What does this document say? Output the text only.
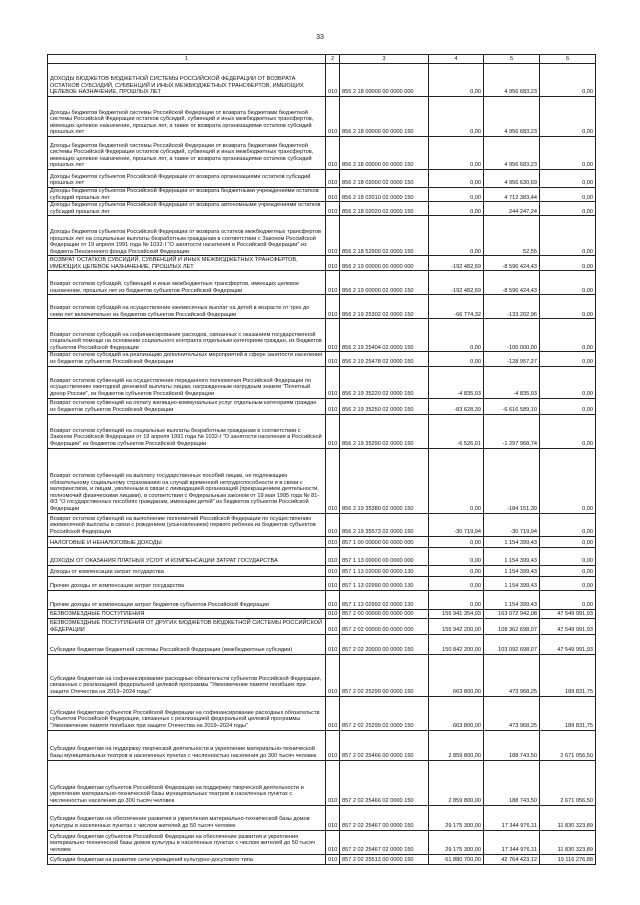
33
1	2	3	4	5	6
ДОХОДЫ БЮДЖЕТОВ БЮДЖЕТНОЙ СИСТЕМЫ РОССИЙСКОЙ ФЕДЕРАЦИИ ОТ ВОЗВРАТА ОСТАТКОВ СУБСИДИЙ, СУБВЕНЦИЙ И ИНЫХ МЕЖБЮДЖЕТНЫХ ТРАНСФЕРТОВ, ИМЕЮЩИХ ЦЕЛЕВОЕ НАЗНАЧЕНИЕ, ПРОШЛЫХ ЛЕТ	010	855 2 18 00000 00 0000 000	0,00	4 956 683,23	0,00
Доходы бюджетов бюджетной системы Российской Федерации от возврата бюджетами бюджетной системы Российской Федерации остатков субсидий, субвенций и иных межбюджетных трансфертов, имеющих целевое назначение, прошлых лет, а также от возврата организациями остатков субсидий прошлых лет	010	856 2 18 00000 00 0000 150	0,00	4 956 683,23	0,00
Доходы бюджетов бюджетной системы Российской Федерации от возврата бюджетами бюджетной системы Российской Федерации остатков субсидий, субвенций и иных межбюджетных трансфертов, имеющих целевое назначение, прошлых лет, а также от возврата организациями остатков субсидий прошлых лет	010	856 2 18 00000 00 0000 150	0,00	4 956 683,23	0,00
Доходы бюджетов субъектов Российской Федерации от возврата организациями остатков субсидий прошлых лет	010	856 2 18 02000 02 0000 150	0,00	4 956 630,69	0,00
Доходы бюджетов субъектов Российской Федерации от возврата бюджетными учреждениями остатков субсидий прошлых лет	010	856 2 18 02010 02 0000 150	0,00	4 712 383,44	0,00
Доходы бюджетов субъектов Российской Федерации от возврата автономными учреждениями остатков субсидий прошлых лет	010	856 2 18 02020 02 0000 150	0,00	244 247,24	0,00
Доходы бюджетов субъектов Российской Федерации от возврата остатков межбюджетных трансфертов прошлых лет на социальные выплаты безработным гражданам в соответствии с Законом Российской Федерации от 19 апреля 1991 года № 1032-I "О занятости населения в Российской Федерации" из бюджета Пенсионного фонда Российской Федерации	010	856 2 18 52900 02 0000 150	0,00	52,55	0,00
ВОЗВРАТ ОСТАТКОВ СУБСИДИЙ, СУБВЕНЦИЙ И ИНЫХ МЕЖБЮДЖЕТНЫХ ТРАНСФЕРТОВ, ИМЕЮЩИХ ЦЕЛЕВОЕ НАЗНАЧЕНИЕ, ПРОШЛЫХ ЛЕТ	010	856 2 19 00000 00 0000 000	-192 482,69	-8 596 424,43	0,00
Возврат остатков субсидий, субвенций и иных межбюджетных трансфертов, имеющих целевое назначение, прошлых лет из бюджетов субъектов Российской Федерации	010	856 2 19 00000 02 0000 150	-192 482,69	-8 596 424,43	0,00
Возврат остатков субсидий на осуществление ежемесячных выплат на детей в возрасте от трех до семи лет включительно из бюджетов субъектов Российской Федерации	010	856 2 19 25302 02 0000 150	-66 774,32	-133 202,96	0,00
Возврат остатков субсидий на софинансирование расходов, связанных с оказанием государственной социальной помощи на основании социального контракта отдельным категориям граждан, из бюджетов субъектов Российской Федерации	010	856 2 19 25404 02 0000 150	0,00	-100 000,00	0,00
Возврат остатков субсидий на реализацию дополнительных мероприятий в сфере занятости населения из бюджетов субъектов Российской Федерации	010	856 2 19 25478 02 0000 150	0,00	-128 957,27	0,00
Возврат остатков субвенций на осуществление переданного полномочия Российской Федерации по осуществлению ежегодной денежной выплаты лицам, награжденным нагрудным знаком "Почетный донор России", из бюджетов субъектов Российской Федерации	010	856 2 19 35220 02 0000 150	-4 835,03	-4 835,03	0,00
Возврат остатков субвенций на оплату жилищно-коммунальных услуг отдельным категориям граждан из бюджетов субъектов Российской Федерации	010	856 2 19 35250 02 0000 150	-83 628,39	-6 616 589,10	0,00
Возврат остатков субвенций на социальные выплаты безработным гражданам в соответствии с Законом Российской Федерации от 19 апреля 1991 года № 1032-I "О занятости населения в Российской Федерации" из бюджетов субъектов Российской Федерации	010	856 2 19 35290 02 0000 150	-6 526,01	-1 297 968,74	0,00
Возврат остатков субвенций на выплату государственных пособий лицам, не подлежащим обязательному социальному страхованию на случай временной нетрудоспособности и в связи с материнством, и лицам, уволенным в связи с ликвидацией организаций (прекращением деятельности, полномочий физическими лицами), в соответствии с Федеральным законом от 19 мая 1995 года № 81-ФЗ "О государственных пособиях гражданам, имеющим детей" из бюджетов субъектов Российской Федерации	010	856 2 19 35380 02 0000 150	0,00	-184 151,39	0,00
Возврат остатков субвенций на выполнение полномочий Российской Федерации по осуществлению ежемесячной выплаты в связи с рождением (усыновлением) первого ребенка из бюджетов субъектов Российской Федерации	010	856 2 19 35573 02 0000 150	-30 719,94	-30 719,94	0,00
НАЛОГОВЫЕ И НЕНАЛОГОВЫЕ ДОХОДЫ	010	857 1 00 00000 00 0000 000	0,00	1 154 399,43	0,00
ДОХОДЫ ОТ ОКАЗАНИЯ ПЛАТНЫХ УСЛУГ И КОМПЕНСАЦИИ ЗАТРАТ ГОСУДАРСТВА	010	857 1 13 00000 00 0000 000	0,00	1 154 399,43	0,00
Доходы от компенсации затрат государства	010	857 1 13 02000 00 0000 130	0,00	1 154 399,43	0,00
Прочие доходы от компенсации затрат государства	010	857 1 13 02990 00 0000 130	0,00	1 154 399,43	0,00
Прочие доходы от компенсации затрат бюджетов субъектов Российской Федерации	010	857 1 13 02992 02 0000 130	0,00	1 154 399,43	0,00
БЕЗВОЗМЕЗДНЫЕ ПОСТУПЛЕНИЯ	010	857 2 00 00000 00 0000 000	155 941 354,93	163 072 942,08	47 549 991,93
БЕЗВОЗМЕЗДНЫЕ ПОСТУПЛЕНИЯ ОТ ДРУГИХ БЮДЖЕТОВ БЮДЖЕТНОЙ СИСТЕМЫ РОССИЙСКОЙ ФЕДЕРАЦИИ	010	857 2 02 00000 00 0000 000	155 942 200,00	108 362 698,07	47 549 991,93
Субсидии бюджетам бюджетной системы Российской Федерации (межбюджетные субсидии)	010	857 2 02 20000 00 0000 150	150 842 200,00	103 092 698,07	47 549 991,93
Субсидии бюджетам на софинансирование расходных обязательств субъектов Российской Федерации, связанных с реализацией федеральной целевой программы "Увековечение памяти погибших при защите Отечества на 2019–2024 годы"	010	857 2 02 25299 00 0000 150	663 800,00	473 968,25	189 831,75
Субсидии бюджетам субъектов Российской Федерации на софинансирование расходных обязательств субъектов Российской Федерации, связанных с реализацией федеральной целевой программы "Увековечение памяти погибших при защите Отечества на 2019–2024 годы"	010	857 2 02 25299 02 0000 150	663 800,00	473 968,25	189 831,75
Субсидии бюджетам на поддержку творческой деятельности и укрепление материально-технической базы муниципальных театров в населенных пунктах с численностью населения до 300 тысяч человек	010	857 2 02 25466 00 0000 150	2 859 800,00	188 743,50	2 671 056,50
Субсидии бюджетам субъектов Российской Федерации на поддержку творческой деятельности и укрепление материально-технической базы муниципальных театров в населенных пунктах с численностью населения до 300 тысяч человек	010	857 2 02 25466 02 0000 150	2 859 800,00	188 743,50	2 671 056,50
Субсидии бюджетам на обеспечение развития и укрепления материально-технической базы домов культуры в населенных пунктах с числом жителей до 50 тысяч человек	010	857 2 02 25467 00 0000 150	29 175 300,00	17 344 976,11	11 830 323,89
Субсидии бюджетам субъектов Российской Федерации на обеспечение развития и укрепления материально-технической базы домов культуры в населенных пунктах с числом жителей до 50 тысяч человек	010	857 2 02 25467 02 0000 150	29 175 300,00	17 344 976,11	11 830 323,89
Субсидии бюджетам на развитие сети учреждений культурно-досугового типа	010	857 2 02 25513 00 0000 150	61 880 700,00	42 764 423,12	19 116 276,88
